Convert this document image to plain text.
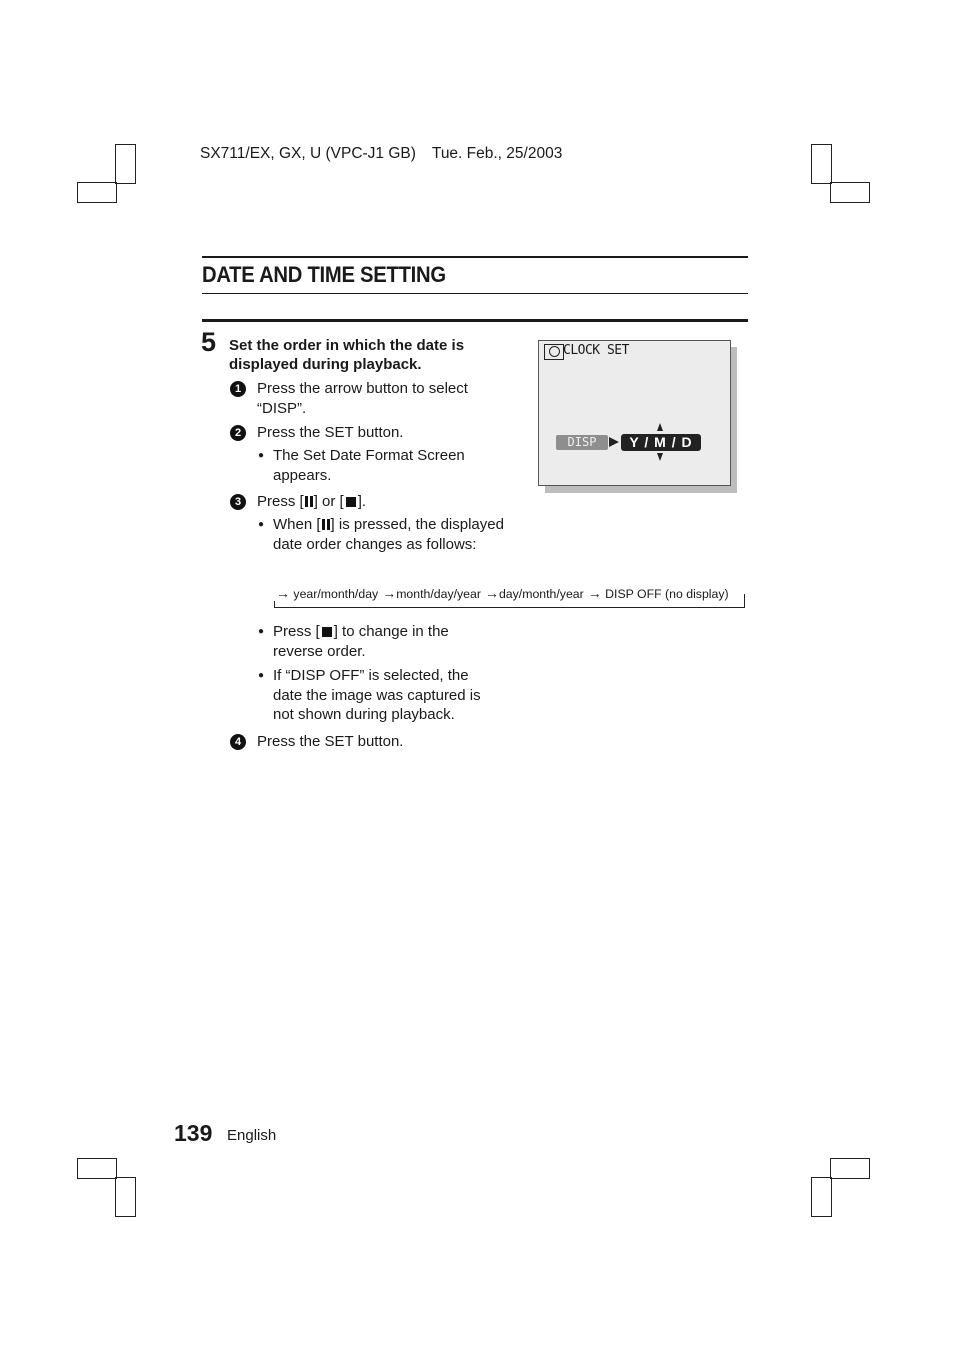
SX711/EX, GX, U (VPC-J1 GB) Tue. Feb., 25/2003
DATE AND TIME SETTING
5 Set the order in which the date is displayed during playback.
1	Press the arrow button to select “DISP”.
2	Press the SET button.
● The Set Date Format Screen appears.
3	Press [ ] or [ ].
● When [ ] is pressed, the displayed date order changes as follows:
→ year/month/day →month/day/year →day/month/year → DISP OFF (no display)
● Press [ ] to change in the reverse order.
● If “DISP OFF” is selected, the date the image was captured is not shown during playback.
4	Press the SET button.
CLOCK SET
DISP	Y / M / D
139 English
